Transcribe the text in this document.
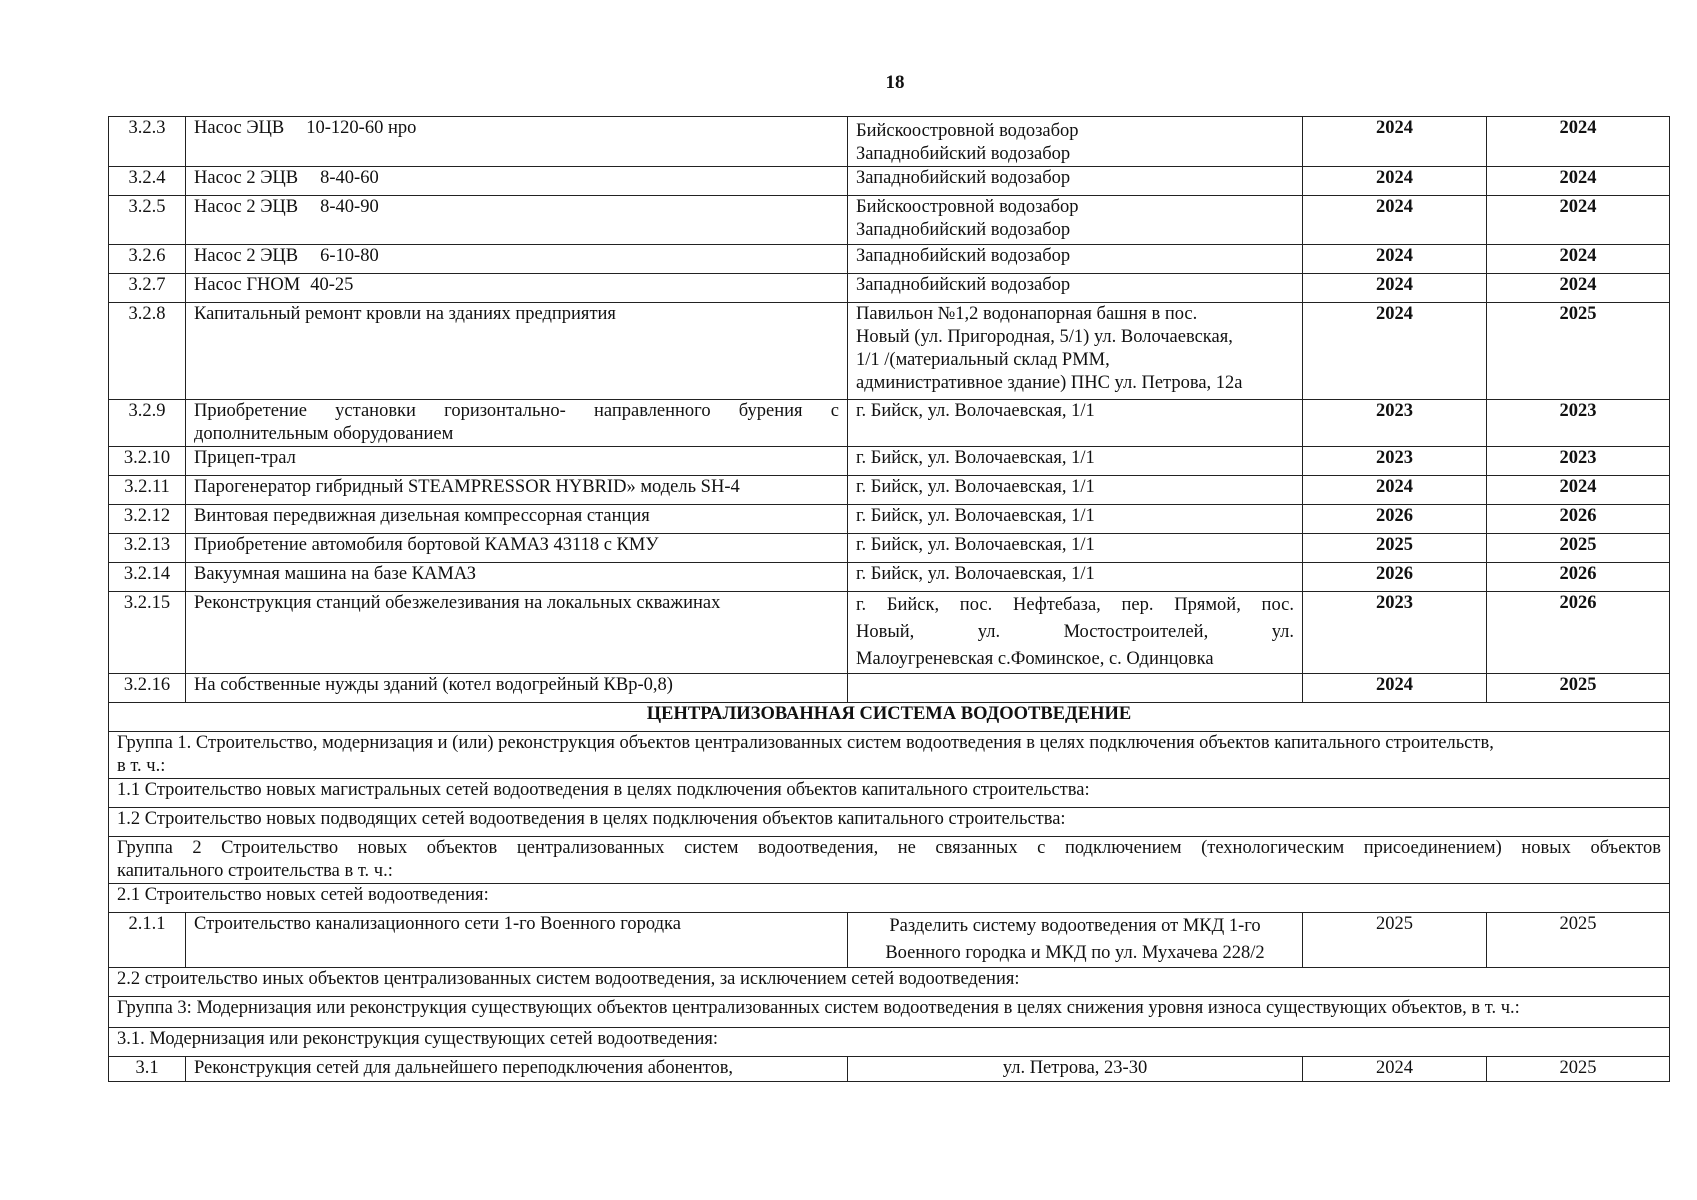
18
3.2.3	Насос ЭЦВ 10-120-60 нро	Бийскоостровной водозабор
Западнобийский водозабор	2024	2024
3.2.4	Насос 2 ЭЦВ 8-40-60	Западнобийский водозабор	2024	2024
3.2.5	Насос 2 ЭЦВ 8-40-90	Бийскоостровной водозабор
Западнобийский водозабор	2024	2024
3.2.6	Насос 2 ЭЦВ 6-10-80	Западнобийский водозабор	2024	2024
3.2.7	Насос ГНОМ 40-25	Западнобийский водозабор	2024	2024
3.2.8	Капитальный ремонт кровли на зданиях предприятия	Павильон №1,2 водонапорная башня в пос.
Новый (ул. Пригородная, 5/1) ул. Волочаевская,
1/1 /(материальный склад РММ,
административное здание) ПНС ул. Петрова, 12а	2024	2025
3.2.9	Приобретение установки горизонтально- направленного бурения с
дополнительным оборудованием	г. Бийск, ул. Волочаевская, 1/1	2023	2023
3.2.10	Прицеп-трал	г. Бийск, ул. Волочаевская, 1/1	2023	2023
3.2.11	Парогенератор гибридный STEAMPRESSOR HYBRID» модель SH-4	г. Бийск, ул. Волочаевская, 1/1	2024	2024
3.2.12	Винтовая передвижная дизельная компрессорная станция	г. Бийск, ул. Волочаевская, 1/1	2026	2026
3.2.13	Приобретение автомобиля бортовой КАМАЗ 43118 с КМУ	г. Бийск, ул. Волочаевская, 1/1	2025	2025
3.2.14	Вакуумная машина на базе КАМАЗ	г. Бийск, ул. Волочаевская, 1/1	2026	2026
3.2.15	Реконструкция станций обезжелезивания на локальных скважинах	г. Бийск, пос. Нефтебаза, пер. Прямой, пос.
Новый, ул. Мостостроителей, ул.
Малоугреневская с.Фоминское, с. Одинцовка	2023	2026
3.2.16	На собственные нужды зданий (котел водогрейный КВр-0,8)		2024	2025
ЦЕНТРАЛИЗОВАННАЯ СИСТЕМА ВОДООТВЕДЕНИЕ				

Группа 1. Строительство, модернизация и (или) реконструкция объектов централизованных систем водоотведения в целях подключения объектов капитального строительств,
в т. ч.:				

1.1 Строительство новых магистральных сетей водоотведения в целях подключения объектов капитального строительства:				
1.2 Строительство новых подводящих сетей водоотведения в целях подключения объектов капитального строительства:				

Группа 2 Строительство новых объектов централизованных систем водоотведения, не связанных с подключением (технологическим присоединением) новых объектов
капитального строительства в т. ч.:				

2.1 Строительство новых сетей водоотведения:				
2.1.1	Строительство канализационного сети 1-го Военного городка	Разделить систему водоотведения от МКД 1-го
Военного городка и МКД по ул. Мухачева 228/2	2025	2025
2.2 строительство иных объектов централизованных систем водоотведения, за исключением сетей водоотведения:				
Группа 3: Модернизация или реконструкция существующих объектов централизованных систем водоотведения в целях снижения уровня износа существующих объектов, в т. ч.:				
3.1. Модернизация или реконструкция существующих сетей водоотведения:				
3.1	Реконструкция сетей для дальнейшего переподключения абонентов,	ул. Петрова, 23-30	2024	2025
